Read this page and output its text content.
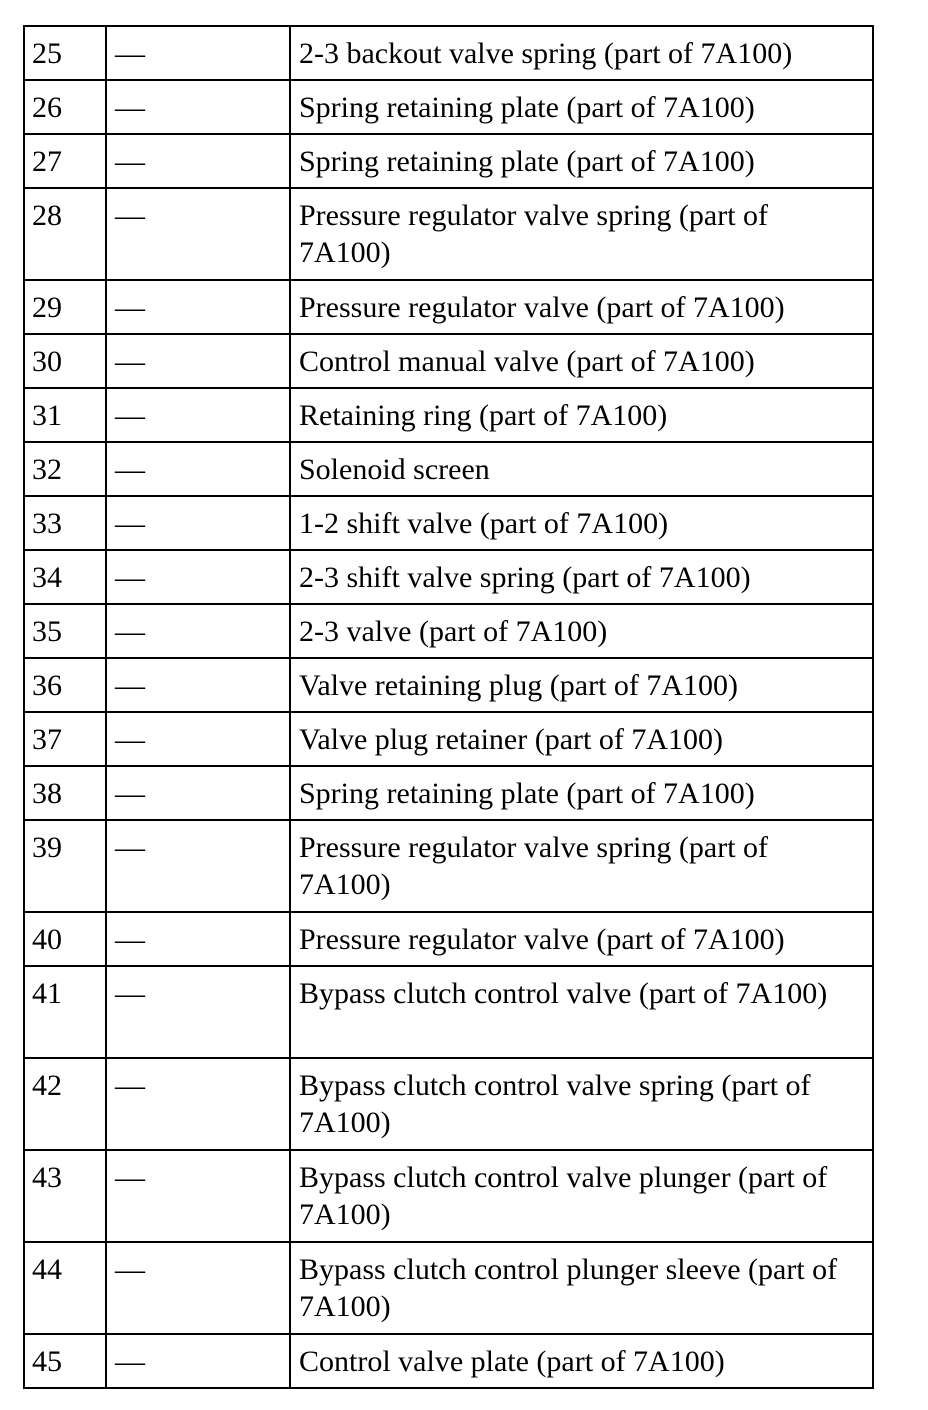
25	—	2-3 backout valve spring (part of 7A100)
26	—	Spring retaining plate (part of 7A100)
27	—	Spring retaining plate (part of 7A100)
28	—	Pressure regulator valve spring (part of 7A100)
29	—	Pressure regulator valve (part of 7A100)
30	—	Control manual valve (part of 7A100)
31	—	Retaining ring (part of 7A100)
32	—	Solenoid screen
33	—	1-2 shift valve (part of 7A100)
34	—	2-3 shift valve spring (part of 7A100)
35	—	2-3 valve (part of 7A100)
36	—	Valve retaining plug (part of 7A100)
37	—	Valve plug retainer (part of 7A100)
38	—	Spring retaining plate (part of 7A100)
39	—	Pressure regulator valve spring (part of 7A100)
40	—	Pressure regulator valve (part of 7A100)
41	—	Bypass clutch control valve (part of 7A100)
42	—	Bypass clutch control valve spring (part of 7A100)
43	—	Bypass clutch control valve plunger (part of 7A100)
44	—	Bypass clutch control plunger sleeve (part of 7A100)
45	—	Control valve plate (part of 7A100)
